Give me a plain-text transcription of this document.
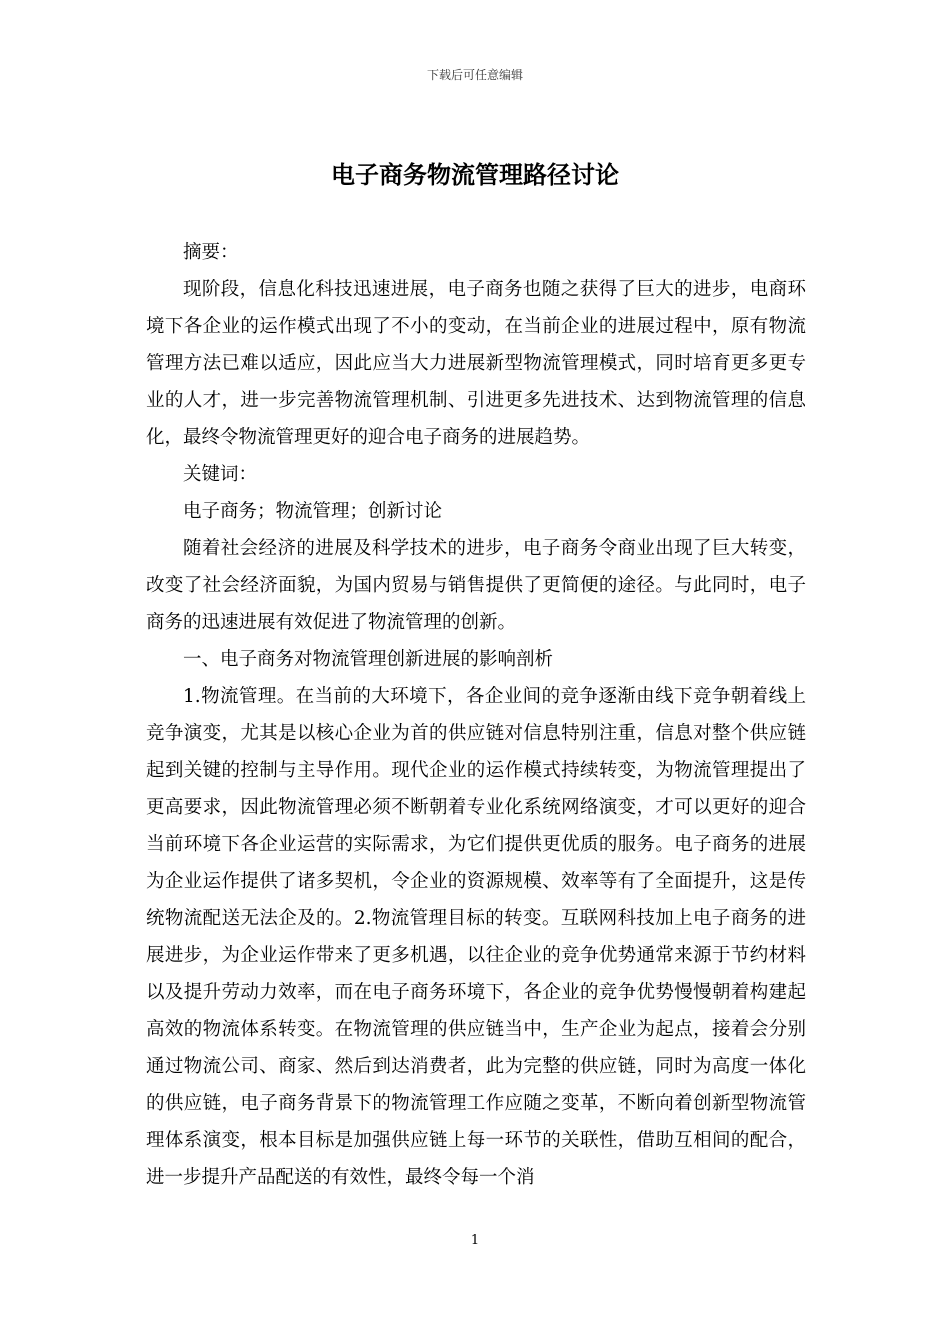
下载后可任意编辑
电子商务物流管理路径讨论

摘要：

现阶段，信息化科技迅速进展，电子商务也随之获得了巨大的进步，电商环境下各企业的运作模式出现了不小的变动，在当前企业的进展过程中，原有物流管理方法已难以适应，因此应当大力进展新型物流管理模式，同时培育更多更专业的人才，进一步完善物流管理机制、引进更多先进技术、达到物流管理的信息化，最终令物流管理更好的迎合电子商务的进展趋势。

关键词：

电子商务；物流管理；创新讨论

随着社会经济的进展及科学技术的进步，电子商务令商业出现了巨大转变，改变了社会经济面貌，为国内贸易与销售提供了更简便的途径。与此同时，电子商务的迅速进展有效促进了物流管理的创新。

一、电子商务对物流管理创新进展的影响剖析

1.物流管理。在当前的大环境下，各企业间的竞争逐渐由线下竞争朝着线上竞争演变，尤其是以核心企业为首的供应链对信息特别注重，信息对整个供应链起到关键的控制与主导作用。现代企业的运作模式持续转变，为物流管理提出了更高要求，因此物流管理必须不断朝着专业化系统网络演变，才可以更好的迎合当前环境下各企业运营的实际需求，为它们提供更优质的服务。电子商务的进展为企业运作提供了诸多契机，令企业的资源规模、效率等有了全面提升，这是传统物流配送无法企及的。2.物流管理目标的转变。互联网科技加上电子商务的进展进步，为企业运作带来了更多机遇，以往企业的竞争优势通常来源于节约材料以及提升劳动力效率，而在电子商务环境下，各企业的竞争优势慢慢朝着构建起高效的物流体系转变。在物流管理的供应链当中，生产企业为起点，接着会分别通过物流公司、商家、然后到达消费者，此为完整的供应链，同时为高度一体化的供应链，电子商务背景下的物流管理工作应随之变革，不断向着创新型物流管理体系演变，根本目标是加强供应链上每一环节的关联性，借助互相间的配合，进一步提升产品配送的有效性，最终令每一个消

1
